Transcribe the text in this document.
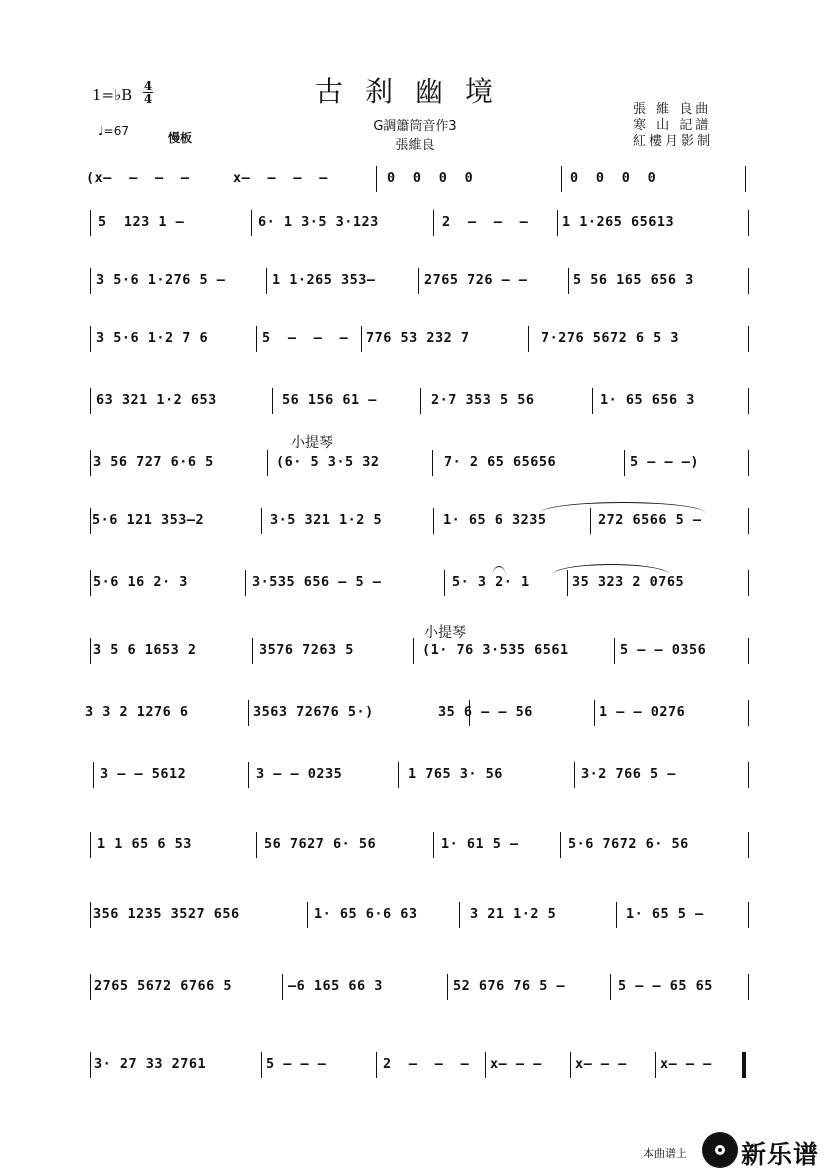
1=♭B 4
4	古刹幽境
G調簫筒音作3
張維良
張 維 良曲
寒 山 記譜
紅樓月影制
♩=67	慢板
小提琴
小提琴
(x–  –  –  –	x–  –  –  –	0  0  0  0	0  0  0  0
5  123 1 –	6· 1 3·5 3·123	2  –  –  – 1 1·265 65613
3 5·6 1·276 5 –	1 1·265 353–	2765 726 – –	5 56 165 656 3
3 5·6 1·2 7 6	5  –  –  – 776 53 232 7	7·276 5672 6 5 3
63 321 1·2 653	56 156 61 –	2·7 353 5 56	1· 65 656 3
3 56 727 6·6 5	(6· 5 3·5 32	7· 2 65 65656	5 – – –)
5·6 121 353–2	3·5 321 1·2 5	1· 65 6 3235	272 6566 5 –
5·6 16 2· 3	3·535 656 – 5 –	5· 3 2· 1	35 323 2 0765
3 5 6 1653 2	3576 7263 5	(1· 76 3·535 6561	5 – – 0356
3 3 2 1276 6	3563 72676 5·)	35 6 – – 56	1 – – 0276
3 – – 5612	3 – – 0235	1 765 3· 56	3·2 766 5 –
1 1 65 6 53	56 7627 6· 56	1· 61 5 –	5·6 7672 6· 56
356 1235 3527 656	1· 65 6·6 63	3 21 1·2 5	1· 65 5 –
2765 5672 6766 5	–6 165 66 3	52 676 76 5 –	5 – – 65 65
3· 27 33 2761	5 – – –	2  –  –  – x– – – x– – – x– – –
本曲谱上 新乐谱
